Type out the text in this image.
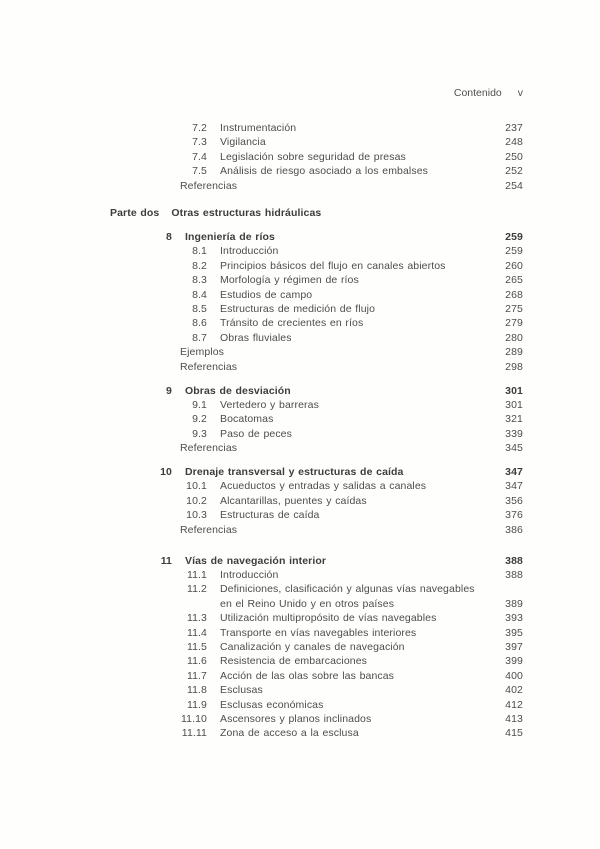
Contenido v
7.2 Instrumentación	237
7.3 Vigilancia	248
7.4 Legislación sobre seguridad de presas	250
7.5 Análisis de riesgo asociado a los embalses	252
Referencias	254
Parte dos Otras estructuras hidráulicas
8 Ingeniería de ríos	259
8.1 Introducción	259
8.2 Principios básicos del flujo en canales abiertos	260
8.3 Morfología y régimen de ríos	265
8.4 Estudios de campo	268
8.5 Estructuras de medición de flujo	275
8.6 Tránsito de crecientes en ríos	279
8.7 Obras fluviales	280
Ejemplos	289
Referencias	298
9 Obras de desviación	301
9.1 Vertedero y barreras	301
9.2 Bocatomas	321
9.3 Paso de peces	339
Referencias	345
10 Drenaje transversal y estructuras de caída	347
10.1 Acueductos y entradas y salidas a canales	347
10.2 Alcantarillas, puentes y caídas	356
10.3 Estructuras de caída	376
Referencias	386
11 Vías de navegación interior	388
11.1 Introducción	388
11.2 Definiciones, clasificación y algunas vías navegables
en el Reino Unido y en otros países	389
11.3 Utilización multipropósito de vías navegables	393
11.4 Transporte en vías navegables interiores	395
11.5 Canalización y canales de navegación	397
11.6 Resistencia de embarcaciones	399
11.7 Acción de las olas sobre las bancas	400
11.8 Esclusas	402
11.9 Esclusas económicas	412
11.10 Ascensores y planos inclinados	413
11.11 Zona de acceso a la esclusa	415
